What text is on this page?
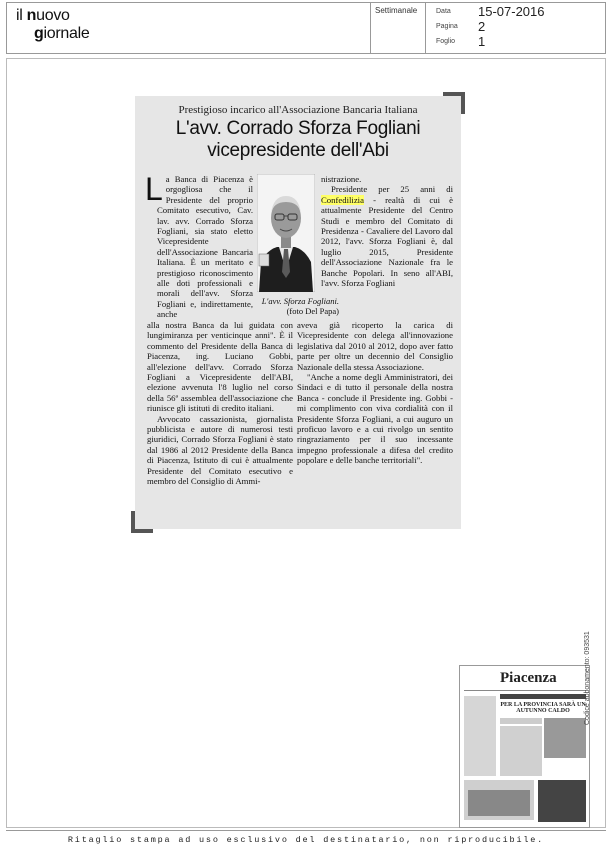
il nuovo
giornale
Settimanale	Data 15-07-2016
Pagina 2
Foglio 1
Prestigioso incarico all'Associazione Bancaria Italiana
L'avv. Corrado Sforza Fogliani
vicepresidente dell'Abi

La Banca di Piacenza è orgogliosa che il Presidente del proprio Comitato esecutivo, Cav. lav. avv. Corrado Sforza Fogliani, sia stato eletto Vicepresidente dell'Associazione Bancaria Italiana. È un meritato e prestigioso riconoscimento alle doti professionali e morali dell'avv. Sforza Fogliani e, indirettamente, anche

L'avv. Sforza Fogliani.
(foto Del Papa)

nistrazione.

Presidente per 25 anni di Confedilizia - realtà di cui è attualmente Presidente del Centro Studi e membro del Comitato di Presidenza - Cavaliere del Lavoro dal 2012, l'avv. Sforza Fogliani è, dal luglio 2015, Presidente dell'Associazione Nazionale fra le Banche Popolari. In seno all'ABI, l'avv. Sforza Fogliani

alla nostra Banca da lui guidata con lungimiranza per venticinque anni". È il commento del Presidente della Banca di Piacenza, ing. Luciano Gobbi, all'elezione dell'avv. Corrado Sforza Fogliani a Vicepresidente dell'ABI, elezione avvenuta l'8 luglio nel corso della 56ª assemblea dell'associazione che riunisce gli istituti di credito italiani.

Avvocato cassazionista, giornalista pubblicista e autore di numerosi testi giuridici, Corrado Sforza Fogliani è stato dal 1986 al 2012 Presidente della Banca di Piacenza, Istituto di cui è attualmente Presidente del Comitato esecutivo e membro del Consiglio di Ammi-

aveva già ricoperto la carica di Vicepresidente con delega all'innovazione legislativa dal 2010 al 2012, dopo aver fatto parte per oltre un decennio del Consiglio Nazionale della stessa Associazione.

"Anche a nome degli Amministratori, dei Sindaci e di tutto il personale della nostra Banca - conclude il Presidente ing. Gobbi - mi complimento con viva cordialità con il Presidente Sforza Fogliani, a cui auguro un proficuo lavoro e a cui rivolgo un sentito ringraziamento per il suo incessante impegno professionale a difesa del credito popolare e delle banche territoriali".

Piacenza
PER LA PROVINCIA SARÀ UN AUTUNNO CALDO	Codice abbonamento: 093531
Ritaglio stampa ad uso esclusivo del destinatario, non riproducibile.
